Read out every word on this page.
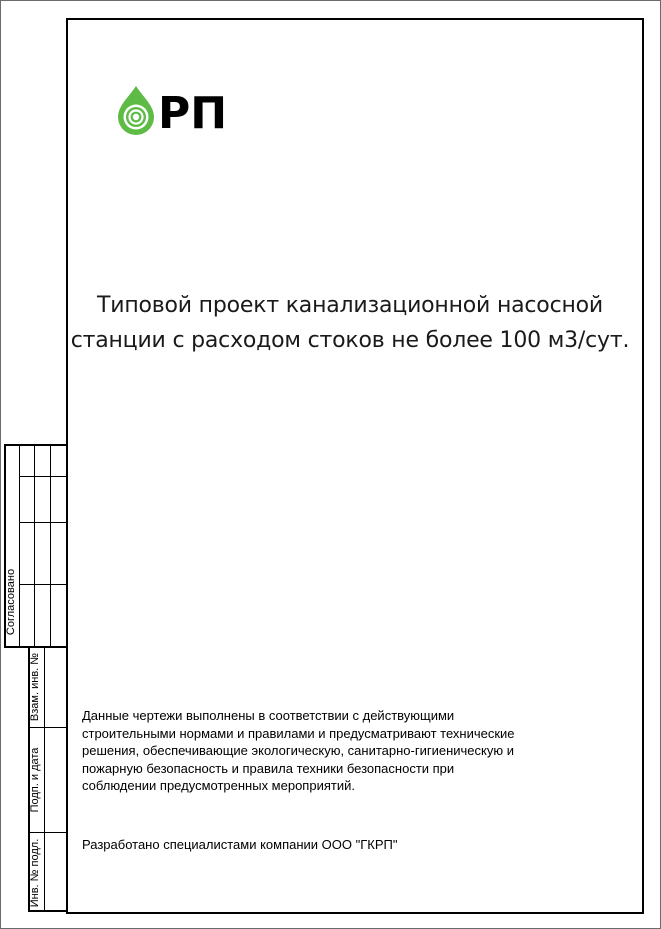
РП
Типовой проект канализационной насосной
станции с расходом стоков не более 100 м3/сут.
Данные чертежи выполнены в соответствии с действующими
строительными нормами и правилами и предусматривают технические
решения, обеспечивающие экологическую, санитарно-гигиеническую и
пожарную безопасность и правила техники безопасности при
соблюдении предусмотренных мероприятий.
Разработано специалистами компании ООО "ГКРП"
Согласовано
Взам. инв. №
Подп. и дата
Инв. № подл.
